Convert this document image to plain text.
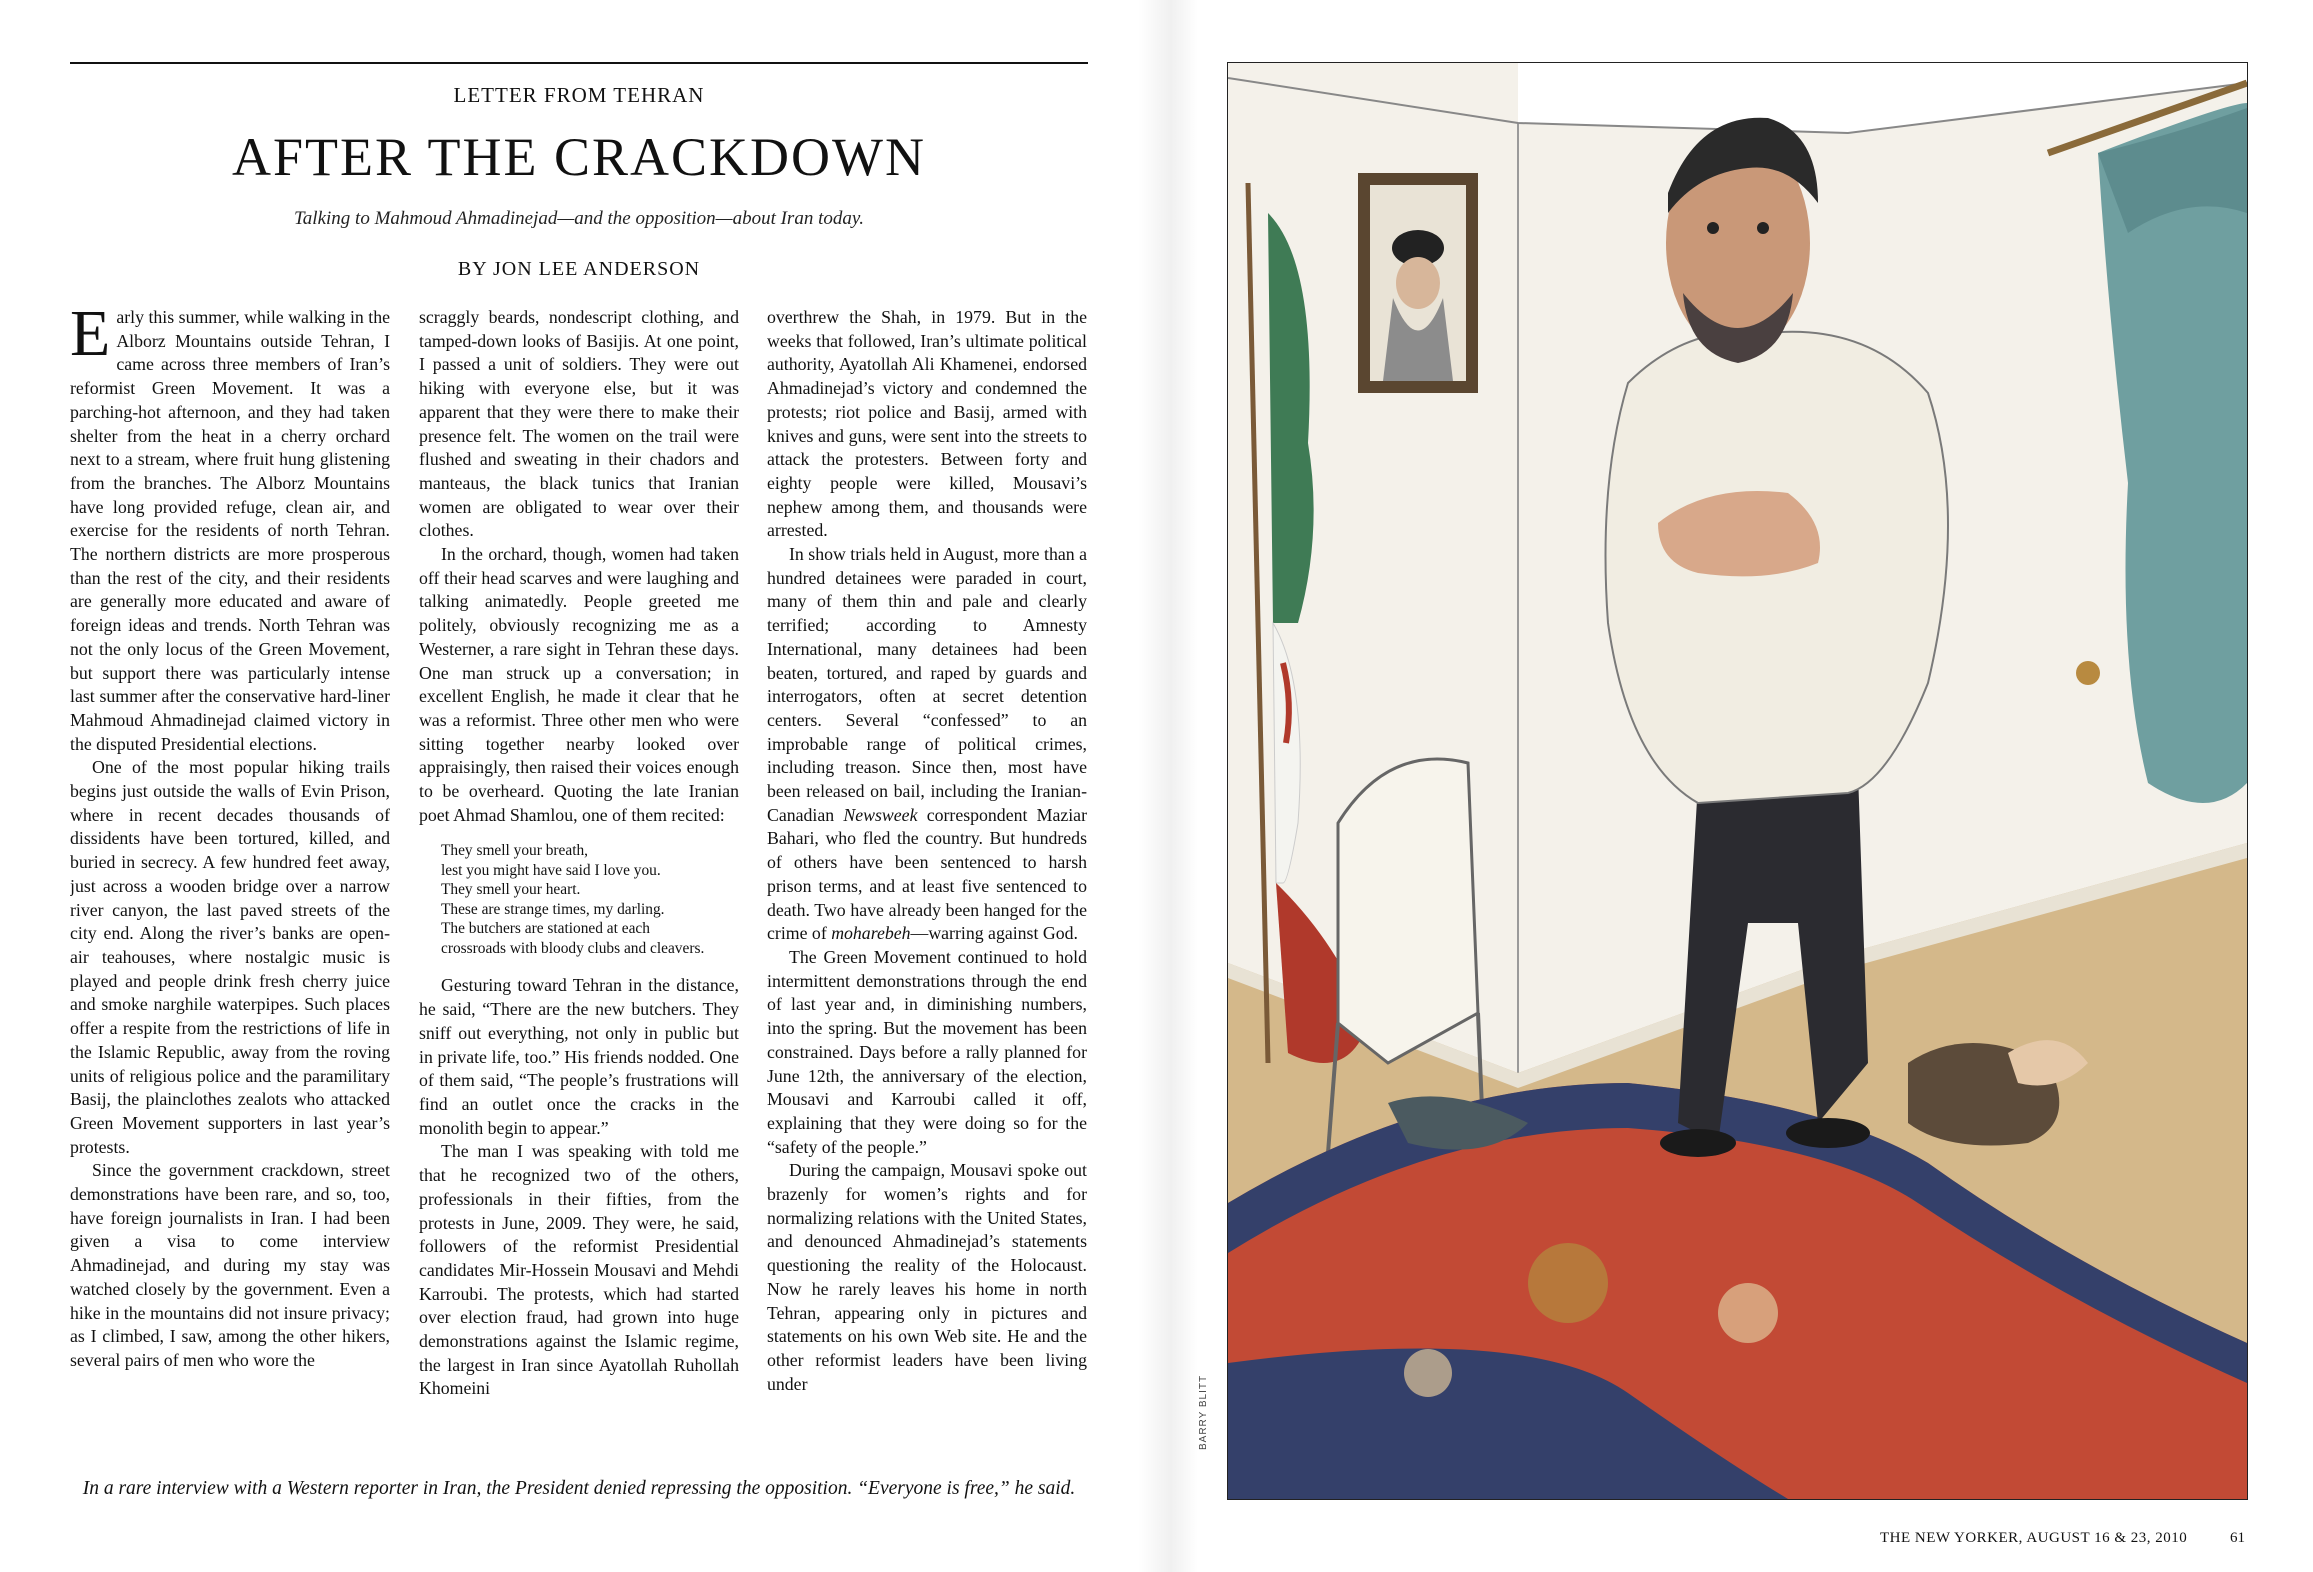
LETTER FROM TEHRAN
AFTER THE CRACKDOWN
Talking to Mahmoud Ahmadinejad—and the opposition—about Iran today.
BY JON LEE ANDERSON

Early this summer, while walking in the Alborz Mountains outside Tehran, I came across three members of Iran’s reformist Green Movement. It was a parching-hot afternoon, and they had taken shelter from the heat in a cherry orchard next to a stream, where fruit hung glistening from the branches. The Alborz Mountains have long provided refuge, clean air, and exercise for the residents of north Tehran. The northern districts are more prosperous than the rest of the city, and their residents are generally more educated and aware of foreign ideas and trends. North Tehran was not the only locus of the Green Movement, but support there was particularly intense last summer after the conservative hard-liner Mahmoud Ahmadinejad claimed victory in the disputed Presidential elections.

One of the most popular hiking trails begins just outside the walls of Evin Prison, where in recent decades thousands of dissidents have been tortured, killed, and buried in secrecy. A few hundred feet away, just across a wooden bridge over a narrow river canyon, the last paved streets of the city end. Along the river’s banks are open-air teahouses, where nostalgic music is played and people drink fresh cherry juice and smoke narghile waterpipes. Such places offer a respite from the restrictions of life in the Islamic Republic, away from the roving units of religious police and the paramilitary Basij, the plainclothes zealots who attacked Green Movement supporters in last year’s protests.

Since the government crackdown, street demonstrations have been rare, and so, too, have foreign journalists in Iran. I had been given a visa to come interview Ahmadinejad, and during my stay was watched closely by the government. Even a hike in the mountains did not insure privacy; as I climbed, I saw, among the other hikers, several pairs of men who wore the

scraggly beards, nondescript clothing, and tamped-down looks of Basijis. At one point, I passed a unit of soldiers. They were out hiking with everyone else, but it was apparent that they were there to make their presence felt. The women on the trail were flushed and sweating in their chadors and manteaus, the black tunics that Iranian women are obligated to wear over their clothes.

In the orchard, though, women had taken off their head scarves and were laughing and talking animatedly. People greeted me politely, obviously recognizing me as a Westerner, a rare sight in Tehran these days. One man struck up a conversation; in excellent English, he made it clear that he was a reformist. Three other men who were sitting together nearby looked over appraisingly, then raised their voices enough to be overheard. Quoting the late Iranian poet Ahmad Shamlou, one of them recited:

They smell your breath,
lest you might have said I love you.
They smell your heart.
These are strange times, my darling.
The butchers are stationed at each
crossroads with bloody clubs and cleavers.

Gesturing toward Tehran in the distance, he said, “There are the new butchers. They sniff out everything, not only in public but in private life, too.” His friends nodded. One of them said, “The people’s frustrations will find an outlet once the cracks in the monolith begin to appear.”

The man I was speaking with told me that he recognized two of the others, professionals in their fifties, from the protests in June, 2009. They were, he said, followers of the reformist Presidential candidates Mir-Hossein Mousavi and Mehdi Karroubi. The protests, which had started over election fraud, had grown into huge demonstrations against the Islamic regime, the largest in Iran since Ayatollah Ruhollah Khomeini

overthrew the Shah, in 1979. But in the weeks that followed, Iran’s ultimate political authority, Ayatollah Ali Khamenei, endorsed Ahmadinejad’s victory and condemned the protests; riot police and Basij, armed with knives and guns, were sent into the streets to attack the protesters. Between forty and eighty people were killed, Mousavi’s nephew among them, and thousands were arrested.

In show trials held in August, more than a hundred detainees were paraded in court, many of them thin and pale and clearly terrified; according to Amnesty International, many detainees had been beaten, tortured, and raped by guards and interrogators, often at secret detention centers. Several “confessed” to an improbable range of political crimes, including treason. Since then, most have been released on bail, including the Iranian-Canadian Newsweek correspondent Maziar Bahari, who fled the country. But hundreds of others have been sentenced to harsh prison terms, and at least five sentenced to death. Two have already been hanged for the crime of moharebeh—warring against God.

The Green Movement continued to hold intermittent demonstrations through the end of last year and, in diminishing numbers, into the spring. But the movement has been constrained. Days before a rally planned for June 12th, the anniversary of the election, Mousavi and Karroubi called it off, explaining that they were doing so for the “safety of the people.”

During the campaign, Mousavi spoke out brazenly for women’s rights and for normalizing relations with the United States, and denounced Ahmadinejad’s statements questioning the reality of the Holocaust. Now he rarely leaves his home in north Tehran, appearing only in pictures and statements on his own Web site. He and the other reformist leaders have been living under

In a rare interview with a Western reporter in Iran, the President denied repressing the opposition. “Everyone is free,” he said.
BARRY BLITT
THE NEW YORKER, AUGUST 16 & 23, 2010	61
